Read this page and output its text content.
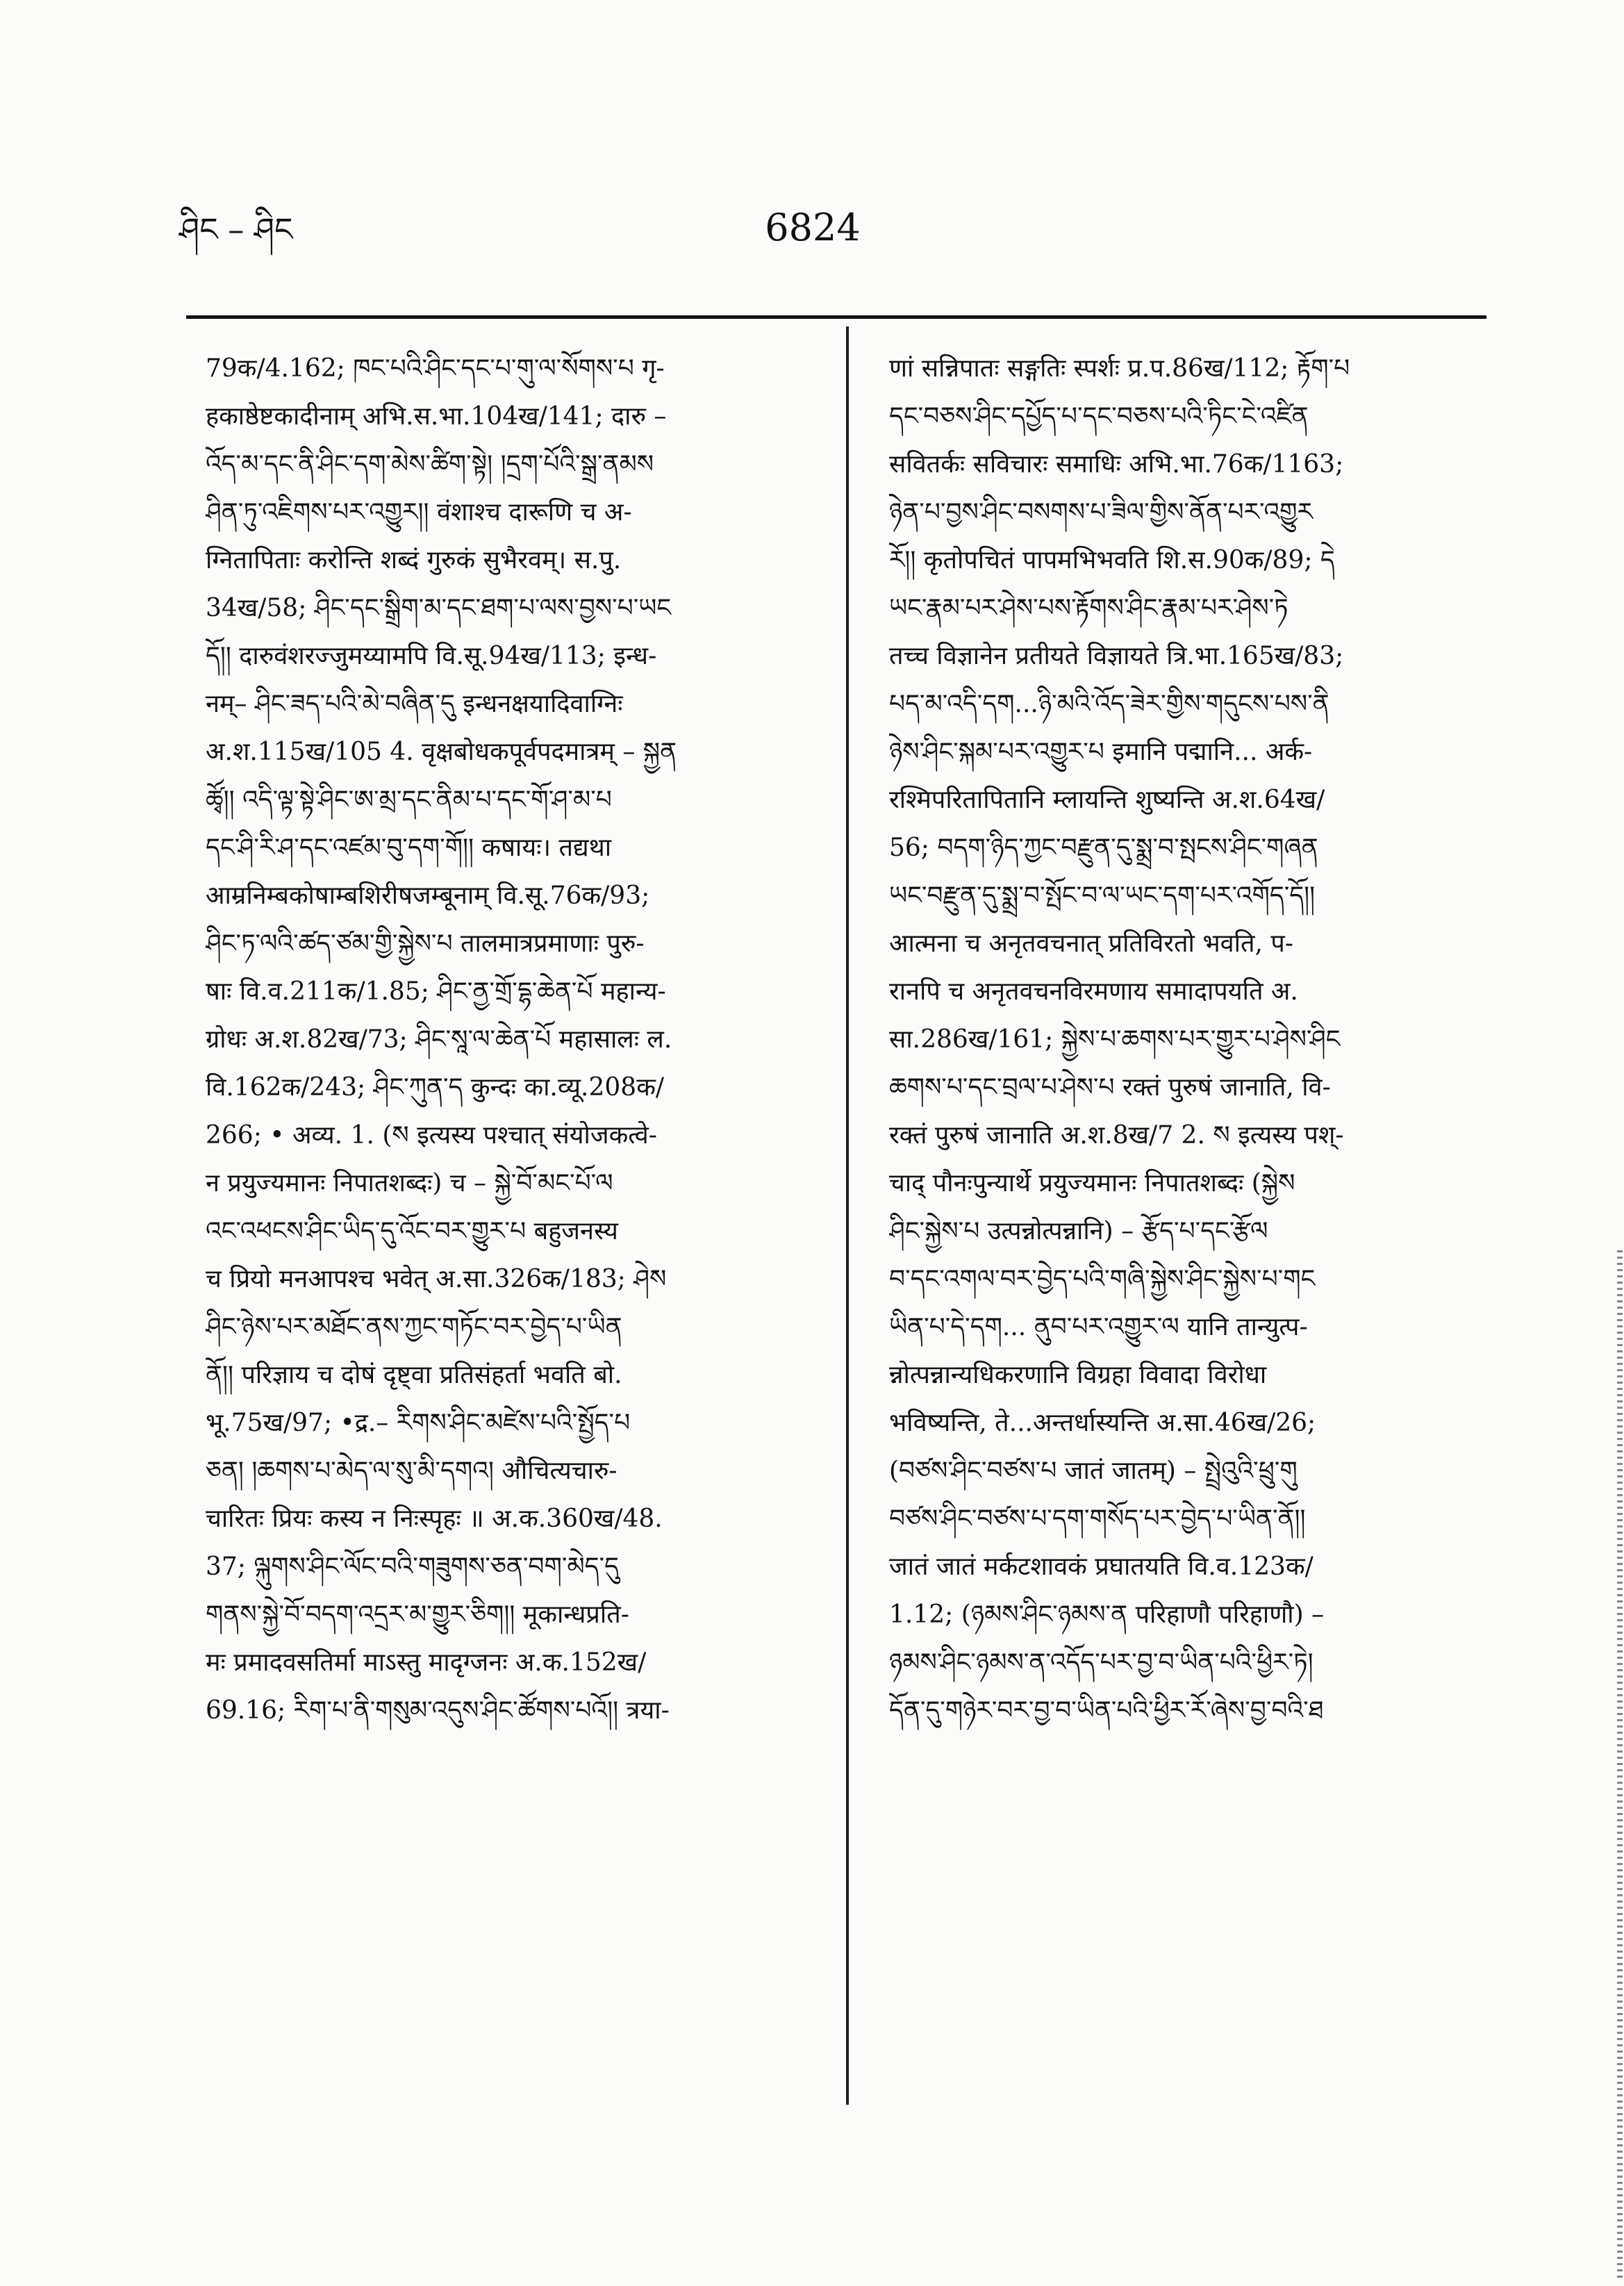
ཤིང – ཤིང	6824
79क/4.162; ཁང་པའི་ཤིང་དང་པ་གུ་ལ་སོགས་པ गृ-
हकाष्ठेष्टकादीनाम् अभि.स.भा.104ख/141; दारु –
འོད་མ་དང་ནི་ཤིང་དག་མེས་ཚིག་སྟེ། །དྲག་པོའི་སྒྲ་ནམས
ཤིན་ཏུ་འཇིགས་པར་འགྱུར།། वंशाश्च दारूणि च अ-
ग्नितापिताः करोन्ति शब्दं गुरुकं सुभैरवम्। स.पु.
34ख/58; ཤིང་དང་སྒྲིག་མ་དང་ཐག་པ་ལས་བྱས་པ་ཡང
དོ།། दारुवंशरज्जुमय्यामपि वि.सू.94ख/113; इन्ध-
नम्– ཤིང་ཟད་པའི་མེ་བཞིན་དུ इन्धनक्षयादिवाग्निः
अ.श.115ख/105 4. वृक्षबोधकपूर्वपदमात्रम् – སྐྱན
ཚྭོ།། འདི་ལྟ་སྟེ་ཤིང་ཨ་མྲ་དང་ནིམ་པ་དང་གོ་ཤ་མ་པ
དང་ཤི་རི་ཤ་དང་འཛམ་བུ་དག་གོ།། कषायः। तद्यथा
आम्रनिम्बकोषाम्बशिरीषजम्बूनाम् वि.सू.76क/93;
ཤིང་ཏ་ལའི་ཚད་ཙམ་གྱི་སྐྱེས་པ तालमात्रप्रमाणाः पुरु-
षाः वि.व.211क/1.85; ཤིང་ནྱ་གྲོ་དྷ་ཆེན་པོ महान्य-
ग्रोधः अ.श.82ख/73; ཤིང་སཱ་ལ་ཆེན་པོ महासालः ल.
वि.162क/243; ཤིང་ཀུན་ད कुन्दः का.व्यू.208क/
266; • अव्य. 1. (ས इत्यस्य पश्चात् संयोजकत्वे-
न प्रयुज्यमानः निपातशब्दः) च – སྐྱེ་བོ་མང་པོ་ལ
འང་འཕངས་ཤིང་ཡིད་དུ་འོང་བར་གྱུར་པ बहुजनस्य
च प्रियो मनआपश्च भवेत् अ.सा.326क/183; ཤེས
ཤིང་ཉེས་པར་མཐོང་ནས་ཀྱང་གཏོང་བར་བྱེད་པ་ཡིན
ནོ།། परिज्ञाय च दोषं दृष्ट्वा प्रतिसंहर्ता भवति बो.
भू.75ख/97; •द्र.– རིགས་ཤིང་མཛེས་པའི་སྤྱོད་པ
ཅན། །ཆགས་པ་མེད་ལ་སུ་མི་དགའ། औचित्यचारु-
चारितः प्रियः कस्य न निःस्पृहः ॥ अ.क.360ख/48.
37; ལྐུགས་ཤིང་ལོང་བའི་གཟུགས་ཅན་བག་མེད་དུ
གནས་སྐྱེ་བོ་བདག་འདྲར་མ་གྱུར་ཅིག།། मूकान्धप्रति-
मः प्रमादवसतिर्मा माऽस्तु मादृग्जनः अ.क.152ख/
69.16; རིག་པ་ནི་གསུམ་འདུས་ཤིང་ཚོགས་པའོ།། त्रया-
णां सन्निपातः सङ्गतिः स्पर्शः प्र.प.86ख/112; རྟོག་པ
དང་བཅས་ཤིང་དཔྱོད་པ་དང་བཅས་པའི་ཏིང་ངེ་འཛིན
सवितर्कः सविचारः समाधिः अभि.भा.76क/1163;
ཉེན་པ་བྱས་ཤིང་བསགས་པ་ཟིལ་གྱིས་ནོན་པར་འགྱུར
རོ།། कृतोपचितं पापमभिभवति शि.स.90क/89; དེ
ཡང་རྣམ་པར་ཤེས་པས་རྟོགས་ཤིང་རྣམ་པར་ཤེས་ཏེ
तच्च विज्ञानेन प्रतीयते विज्ञायते त्रि.भा.165ख/83;
པད་མ་འདི་དག...ཉི་མའི་འོད་ཟེར་གྱིས་གདུངས་པས་ནི
ཉེས་ཤིང་སྐམ་པར་འགྱུར་པ इमानि पद्मानि... अर्क-
रश्मिपरितापितानि म्लायन्ति शुष्यन्ति अ.श.64ख/
56; བདག་ཉིད་ཀྱང་བརྫུན་དུ་སྨྲ་བ་སྤངས་ཤིང་གཞན
ཡང་བརྫུན་དུ་སྨྲ་བ་སྤོང་བ་ལ་ཡང་དག་པར་འགོད་དོ།།
आत्मना च अनृतवचनात् प्रतिविरतो भवति, प-
रानपि च अनृतवचनविरमणाय समादापयति अ.
सा.286ख/161; སྐྱེས་པ་ཆགས་པར་གྱུར་པ་ཤེས་ཤིང
ཆགས་པ་དང་བྲལ་པ་ཤེས་པ रक्तं पुरुषं जानाति, वि-
रक्तं पुरुषं जानाति अ.श.8ख/7 2. ས इत्यस्य पश्-
चाद् पौनःपुन्यार्थे प्रयुज्यमानः निपातशब्दः (སྐྱེས
ཤིང་སྐྱེས་པ उत्पन्नोत्पन्नानि) – རྩོད་པ་དང་རྩོལ
བ་དང་འགལ་བར་བྱེད་པའི་གཞི་སྐྱེས་ཤིང་སྐྱེས་པ་གང
ཡིན་པ་དེ་དག... ནུབ་པར་འགྱུར་ལ यानि तान्युत्प-
न्नोत्पन्नान्यधिकरणानि विग्रहा विवादा विरोधा
भविष्यन्ति, ते...अन्तर्धास्यन्ति अ.सा.46ख/26;
(བཙས་ཤིང་བཙས་པ जातं जातम्) – སྤྲེའུའི་ཕྲུ་གུ
བཙས་ཤིང་བཙས་པ་དག་གསོད་པར་བྱེད་པ་ཡིན་ནོ།།
जातं जातं मर्कटशावकं प्रघातयति वि.व.123क/
1.12; (ཉམས་ཤིང་ཉམས་ན परिहाणौ परिहाणौ) –
ཉམས་ཤིང་ཉམས་ན་འདོད་པར་བྱ་བ་ཡིན་པའི་ཕྱིར་ཏེ།
དོན་དུ་གཉེར་བར་བྱ་བ་ཡིན་པའི་ཕྱིར་རོ་ཞེས་བྱ་བའི་ཐ
